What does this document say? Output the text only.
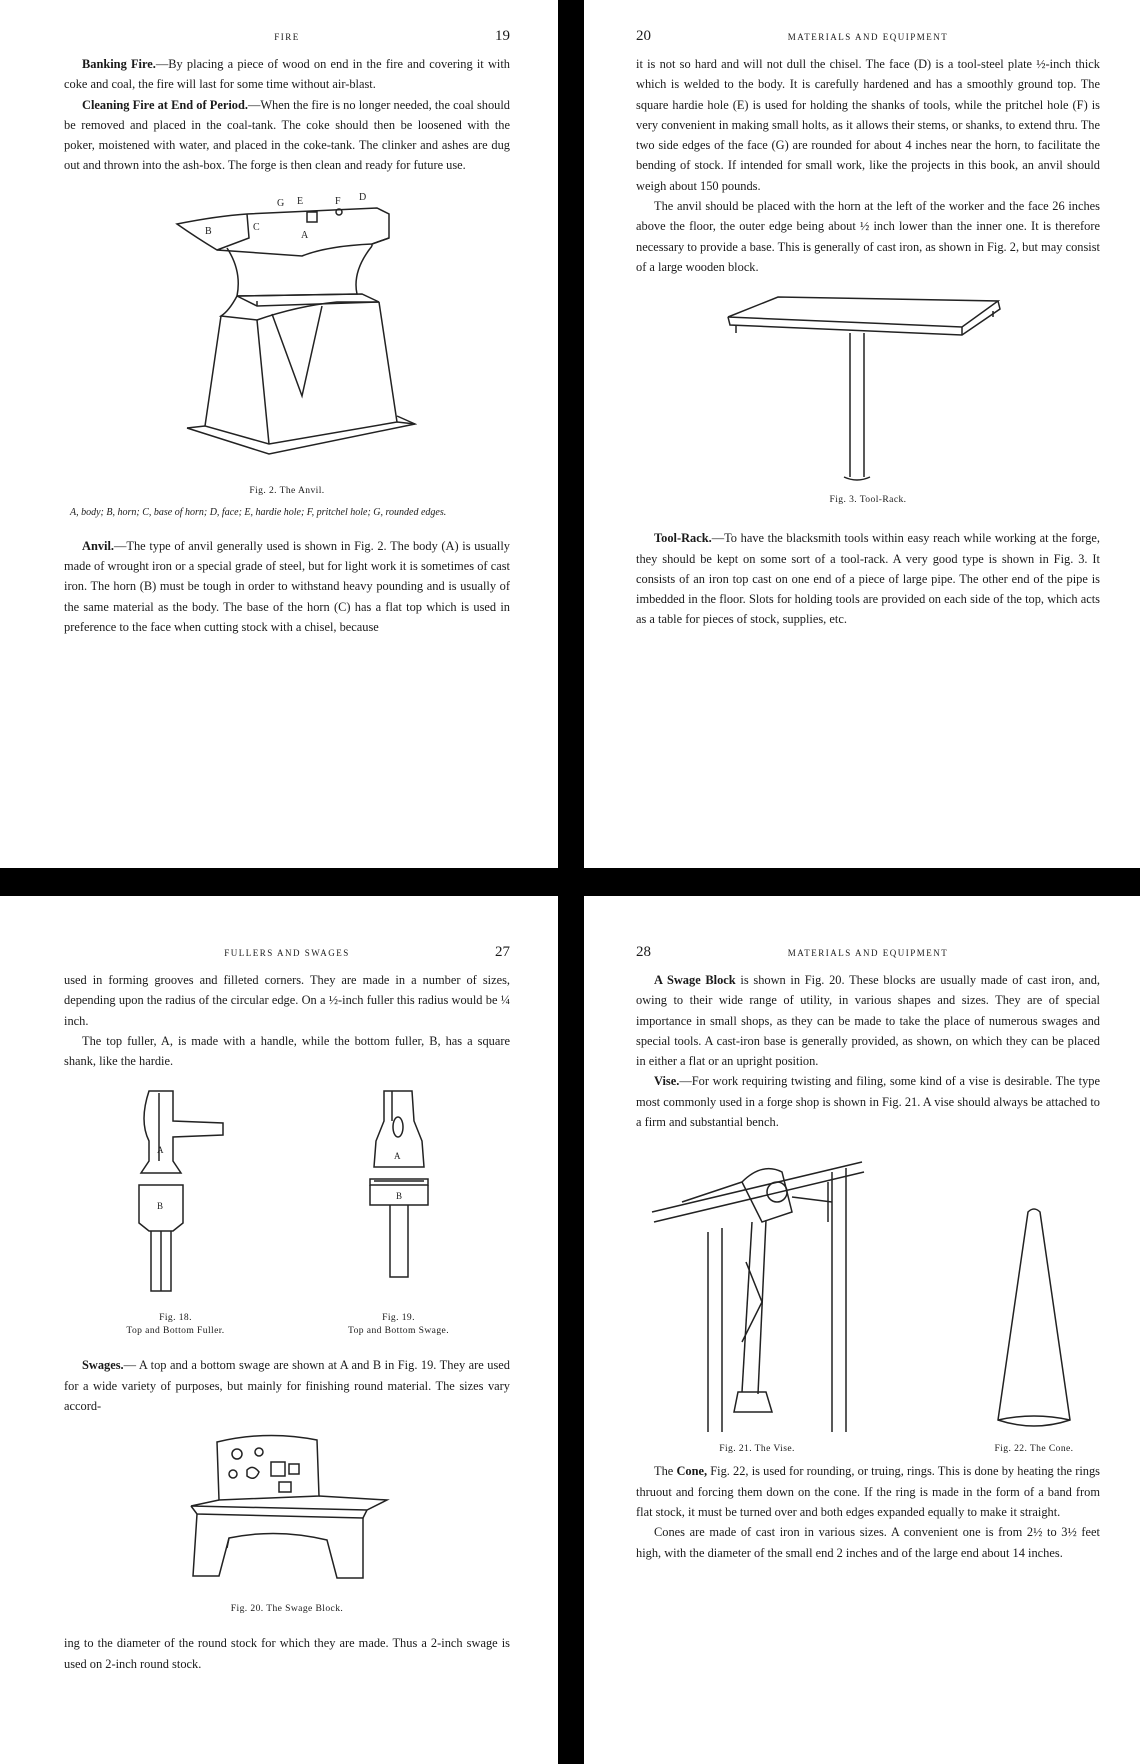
FIRE	19

Banking Fire.—By placing a piece of wood on end in the fire and covering it with coke and coal, the fire will last for some time without air-blast.

Cleaning Fire at End of Period.—When the fire is no longer needed, the coal should be removed and placed in the coal-tank. The coke should then be loosened with the poker, moistened with water, and placed in the coke-tank. The clinker and ashes are dug out and thrown into the ash-box. The forge is then clean and ready for future use.

B	C
A
E	F D
G
Fig. 2. The Anvil.
A, body; B, horn; C, base of horn; D, face; E, hardie hole; F, pritchel hole; G, rounded edges.

Anvil.—The type of anvil generally used is shown in Fig. 2. The body (A) is usually made of wrought iron or a special grade of steel, but for light work it is sometimes of cast iron. The horn (B) must be tough in order to withstand heavy pounding and is usually of the same material as the body. The base of the horn (C) has a flat top which is used in preference to the face when cutting stock with a chisel, because

20	MATERIALS AND EQUIPMENT

it is not so hard and will not dull the chisel. The face (D) is a tool-steel plate ½-inch thick which is welded to the body. It is carefully hardened and has a smoothly ground top. The square hardie hole (E) is used for holding the shanks of tools, while the pritchel hole (F) is very convenient in making small holts, as it allows their stems, or shanks, to extend thru. The two side edges of the face (G) are rounded for about 4 inches near the horn, to facilitate the bending of stock. If intended for small work, like the projects in this book, an anvil should weigh about 150 pounds.

The anvil should be placed with the horn at the left of the worker and the face 26 inches above the floor, the outer edge being about ½ inch lower than the inner one. It is therefore necessary to provide a base. This is generally of cast iron, as shown in Fig. 2, but may consist of a large wooden block.

Fig. 3. Tool-Rack.

Tool-Rack.—To have the blacksmith tools within easy reach while working at the forge, they should be kept on some sort of a tool-rack. A very good type is shown in Fig. 3. It consists of an iron top cast on one end of a piece of large pipe. The other end of the pipe is imbedded in the floor. Slots for holding tools are provided on each side of the top, which acts as a table for pieces of stock, supplies, etc.

FULLERS AND SWAGES	27

used in forming grooves and filleted corners. They are made in a number of sizes, depending upon the radius of the circular edge. On a ½-inch fuller this radius would be ¼ inch.

The top fuller, A, is made with a handle, while the bottom fuller, B, has a square shank, like the hardie.

A
B
Fig. 18.
Top and Bottom Fuller.
A
B
Fig. 19.
Top and Bottom Swage.

Swages.— A top and a bottom swage are shown at A and B in Fig. 19. They are used for a wide variety of purposes, but mainly for finishing round material. The sizes vary accord-

Fig. 20. The Swage Block.

ing to the diameter of the round stock for which they are made. Thus a 2-inch swage is used on 2-inch round stock.

28	MATERIALS AND EQUIPMENT

A Swage Block is shown in Fig. 20. These blocks are usually made of cast iron, and, owing to their wide range of utility, in various shapes and sizes. They are of special importance in small shops, as they can be made to take the place of numerous swages and special tools. A cast-iron base is generally provided, as shown, on which they can be placed in either a flat or an upright position.

Vise.—For work requiring twisting and filing, some kind of a vise is desirable. The type most commonly used in a forge shop is shown in Fig. 21. A vise should always be attached to a firm and substantial bench.

Fig. 21. The Vise.	Fig. 22. The Cone.

The Cone, Fig. 22, is used for rounding, or truing, rings. This is done by heating the rings thruout and forcing them down on the cone. If the ring is made in the form of a band from flat stock, it must be turned over and both edges expanded equally to make it straight.

Cones are made of cast iron in various sizes. A convenient one is from 2½ to 3½ feet high, with the diameter of the small end 2 inches and of the large end about 14 inches.
